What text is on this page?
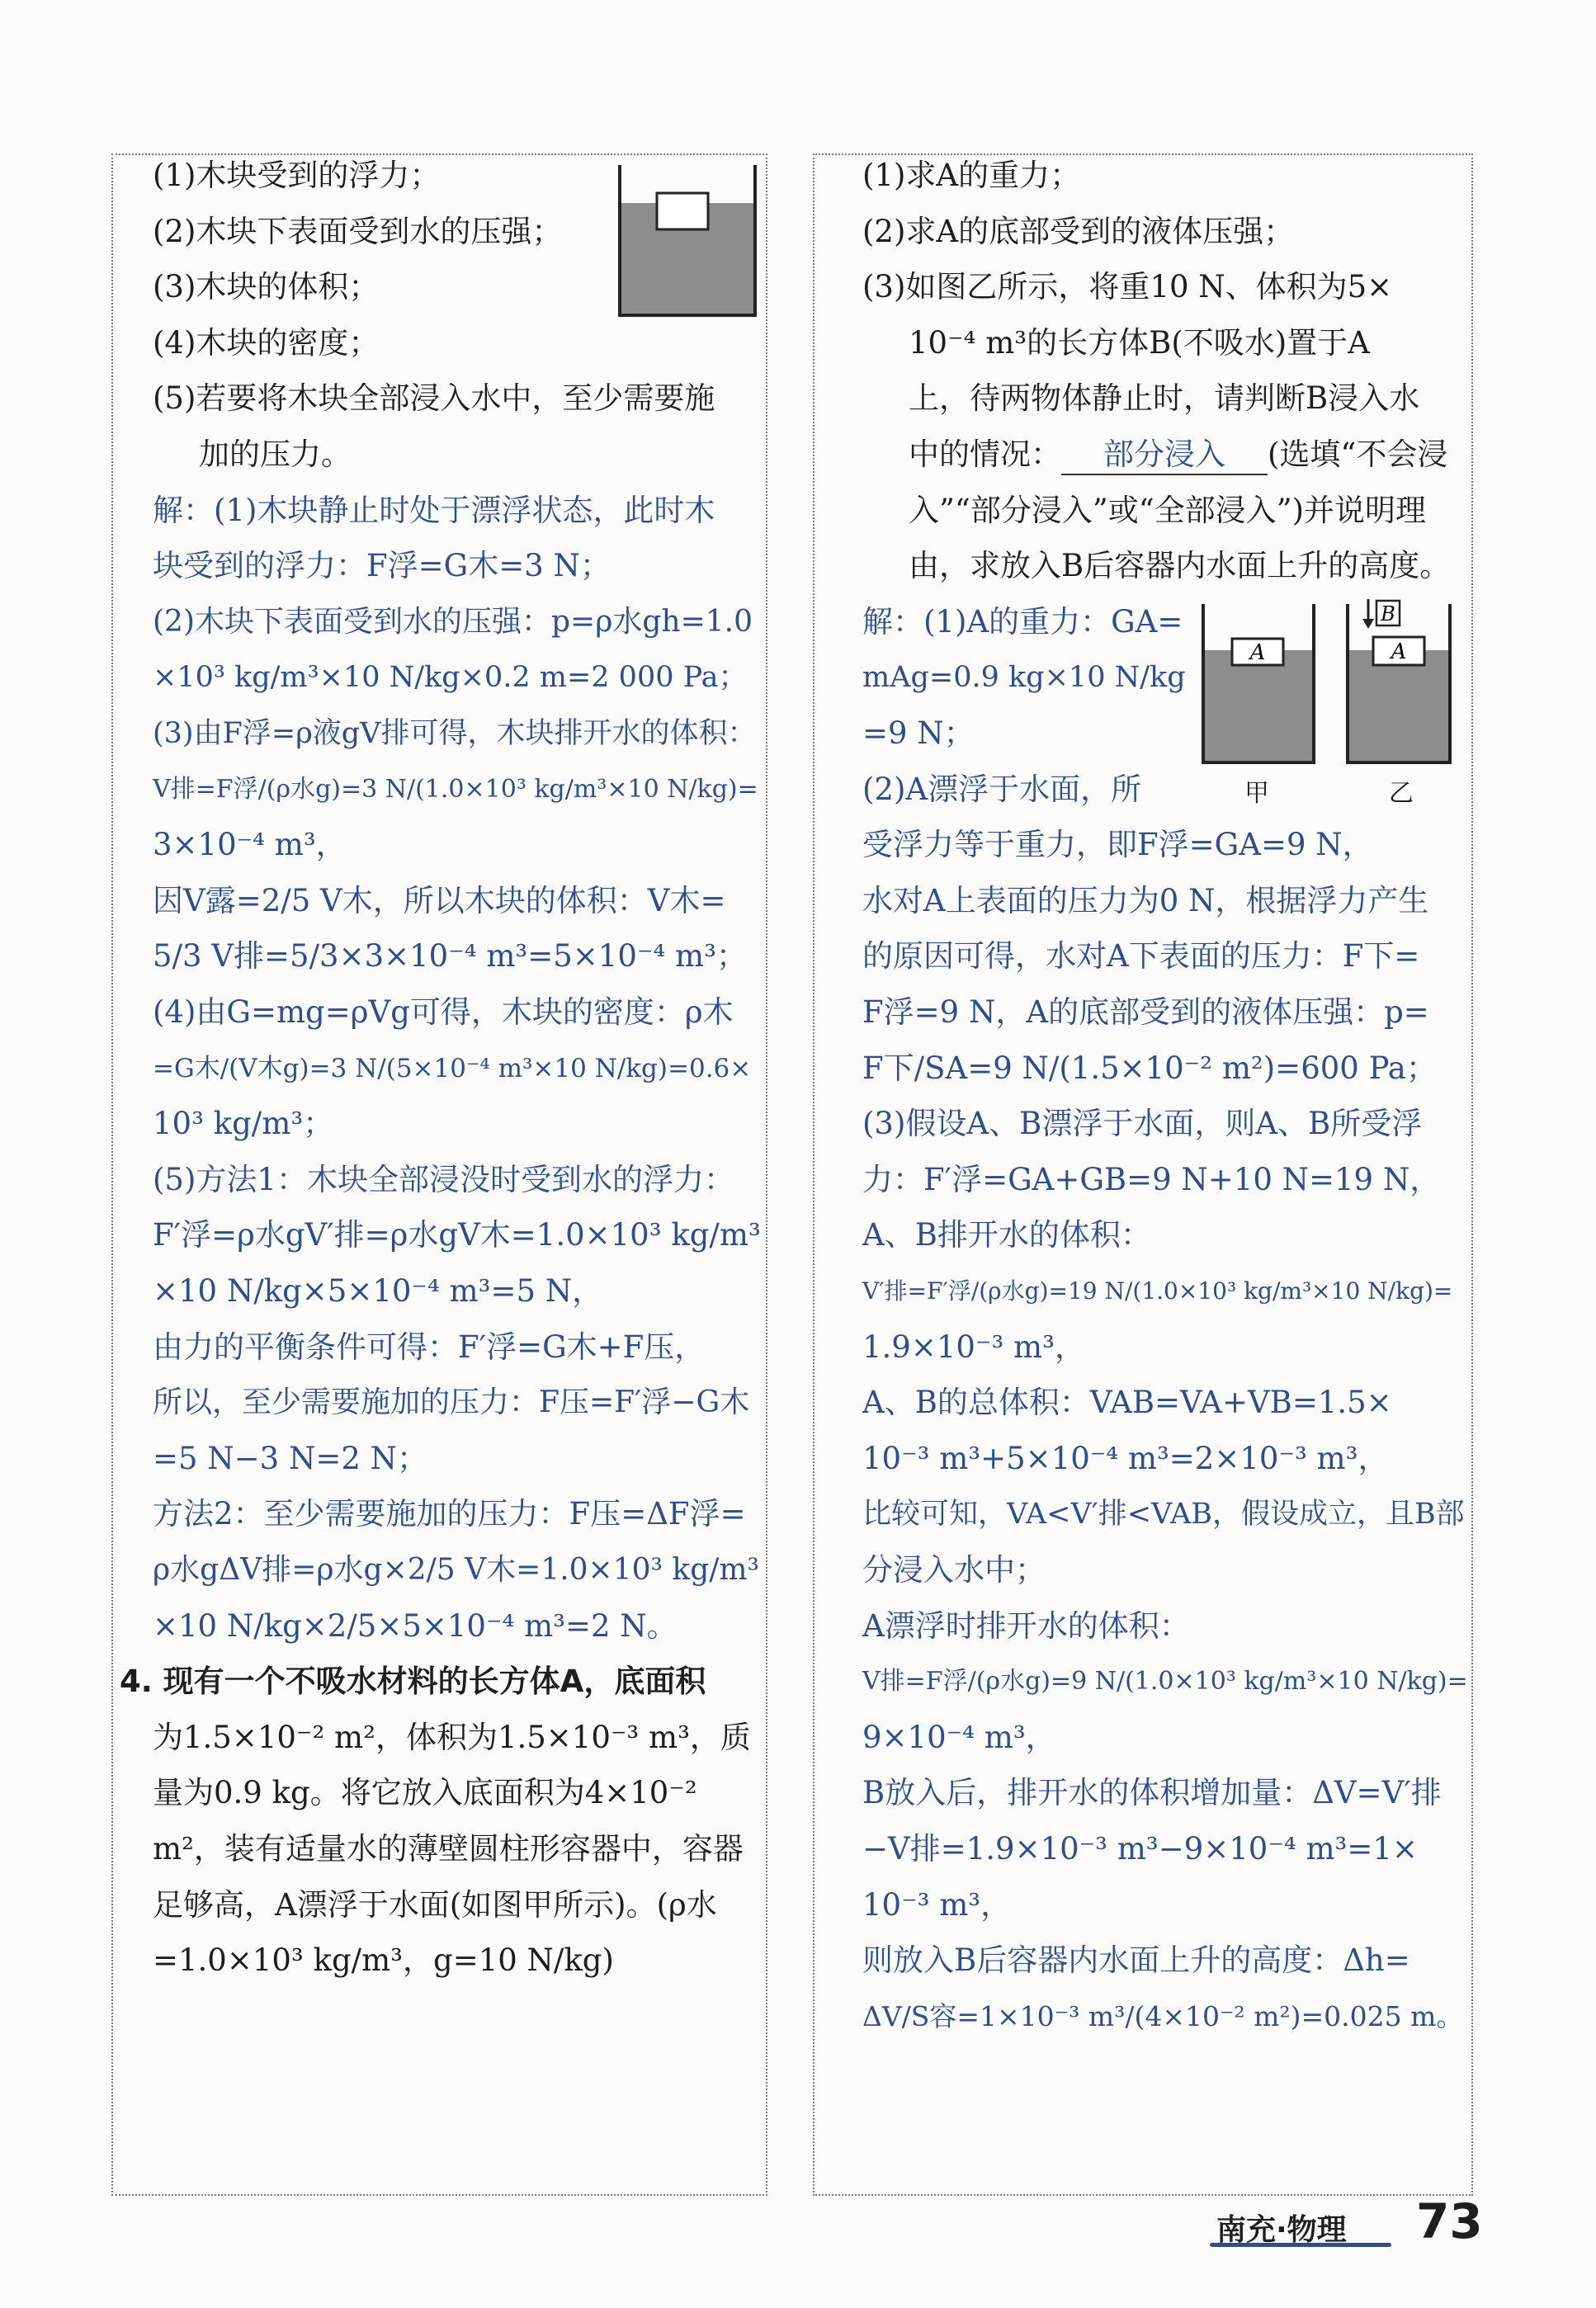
(1)木块受到的浮力；
(2)木块下表面受到水的压强；
(3)木块的体积；
(4)木块的密度；
(5)若要将木块全部浸入水中，至少需要施
加的压力。
解：(1)木块静止时处于漂浮状态，此时木
块受到的浮力：F浮=G木=3 N；
(2)木块下表面受到水的压强：p=ρ水gh=1.0
×10³ kg/m³×10 N/kg×0.2 m=2 000 Pa；
(3)由F浮=ρ液gV排可得，木块排开水的体积：
V排=F浮/(ρ水g)=3 N/(1.0×10³ kg/m³×10 N/kg)=
3×10⁻⁴ m³，
因V露=2/5 V木，所以木块的体积：V木=
5/3 V排=5/3×3×10⁻⁴ m³=5×10⁻⁴ m³；
(4)由G=mg=ρVg可得，木块的密度：ρ木
=G木/(V木g)=3 N/(5×10⁻⁴ m³×10 N/kg)=0.6×
10³ kg/m³；
(5)方法1：木块全部浸没时受到水的浮力：
F′浮=ρ水gV′排=ρ水gV木=1.0×10³ kg/m³
×10 N/kg×5×10⁻⁴ m³=5 N，
由力的平衡条件可得：F′浮=G木+F压，
所以，至少需要施加的压力：F压=F′浮−G木
=5 N−3 N=2 N；
方法2：至少需要施加的压力：F压=ΔF浮=
ρ水gΔV排=ρ水g×2/5 V木=1.0×10³ kg/m³
×10 N/kg×2/5×5×10⁻⁴ m³=2 N。
4. 现有一个不吸水材料的长方体A，底面积
为1.5×10⁻² m²，体积为1.5×10⁻³ m³，质
量为0.9 kg。将它放入底面积为4×10⁻²
m²，装有适量水的薄壁圆柱形容器中，容器
足够高，A漂浮于水面(如图甲所示)。(ρ水
=1.0×10³ kg/m³，g=10 N/kg)
(1)求A的重力；
(2)求A的底部受到的液体压强；
(3)如图乙所示，将重10 N、体积为5×
10⁻⁴ m³的长方体B(不吸水)置于A
上，待两物体静止时，请判断B浸入水
入”“部分浸入”或“全部浸入”)并说明理
由，求放入B后容器内水面上升的高度。
解：(1)A的重力：GA=
mAg=0.9 kg×10 N/kg
=9 N；
(2)A漂浮于水面，所
受浮力等于重力，即F浮=GA=9 N，
水对A上表面的压力为0 N，根据浮力产生
的原因可得，水对A下表面的压力：F下=
F浮=9 N，A的底部受到的液体压强：p=
F下/SA=9 N/(1.5×10⁻² m²)=600 Pa；
(3)假设A、B漂浮于水面，则A、B所受浮
力：F′浮=GA+GB=9 N+10 N=19 N，
A、B排开水的体积：
V′排=F′浮/(ρ水g)=19 N/(1.0×10³ kg/m³×10 N/kg)=
1.9×10⁻³ m³，
A、B的总体积：VAB=VA+VB=1.5×
10⁻³ m³+5×10⁻⁴ m³=2×10⁻³ m³，
比较可知，VA<V′排<VAB，假设成立，且B部
分浸入水中；
A漂浮时排开水的体积：
V排=F浮/(ρ水g)=9 N/(1.0×10³ kg/m³×10 N/kg)=
9×10⁻⁴ m³，
B放入后，排开水的体积增加量：ΔV=V′排
−V排=1.9×10⁻³ m³−9×10⁻⁴ m³=1×
10⁻³ m³，
则放入B后容器内水面上升的高度：Δh=
ΔV/S容=1×10⁻³ m³/(4×10⁻² m²)=0.025 m。
中的情况： 部分浸入 (选填“不会浸
A
甲
A
B
乙
南充·物理 73
